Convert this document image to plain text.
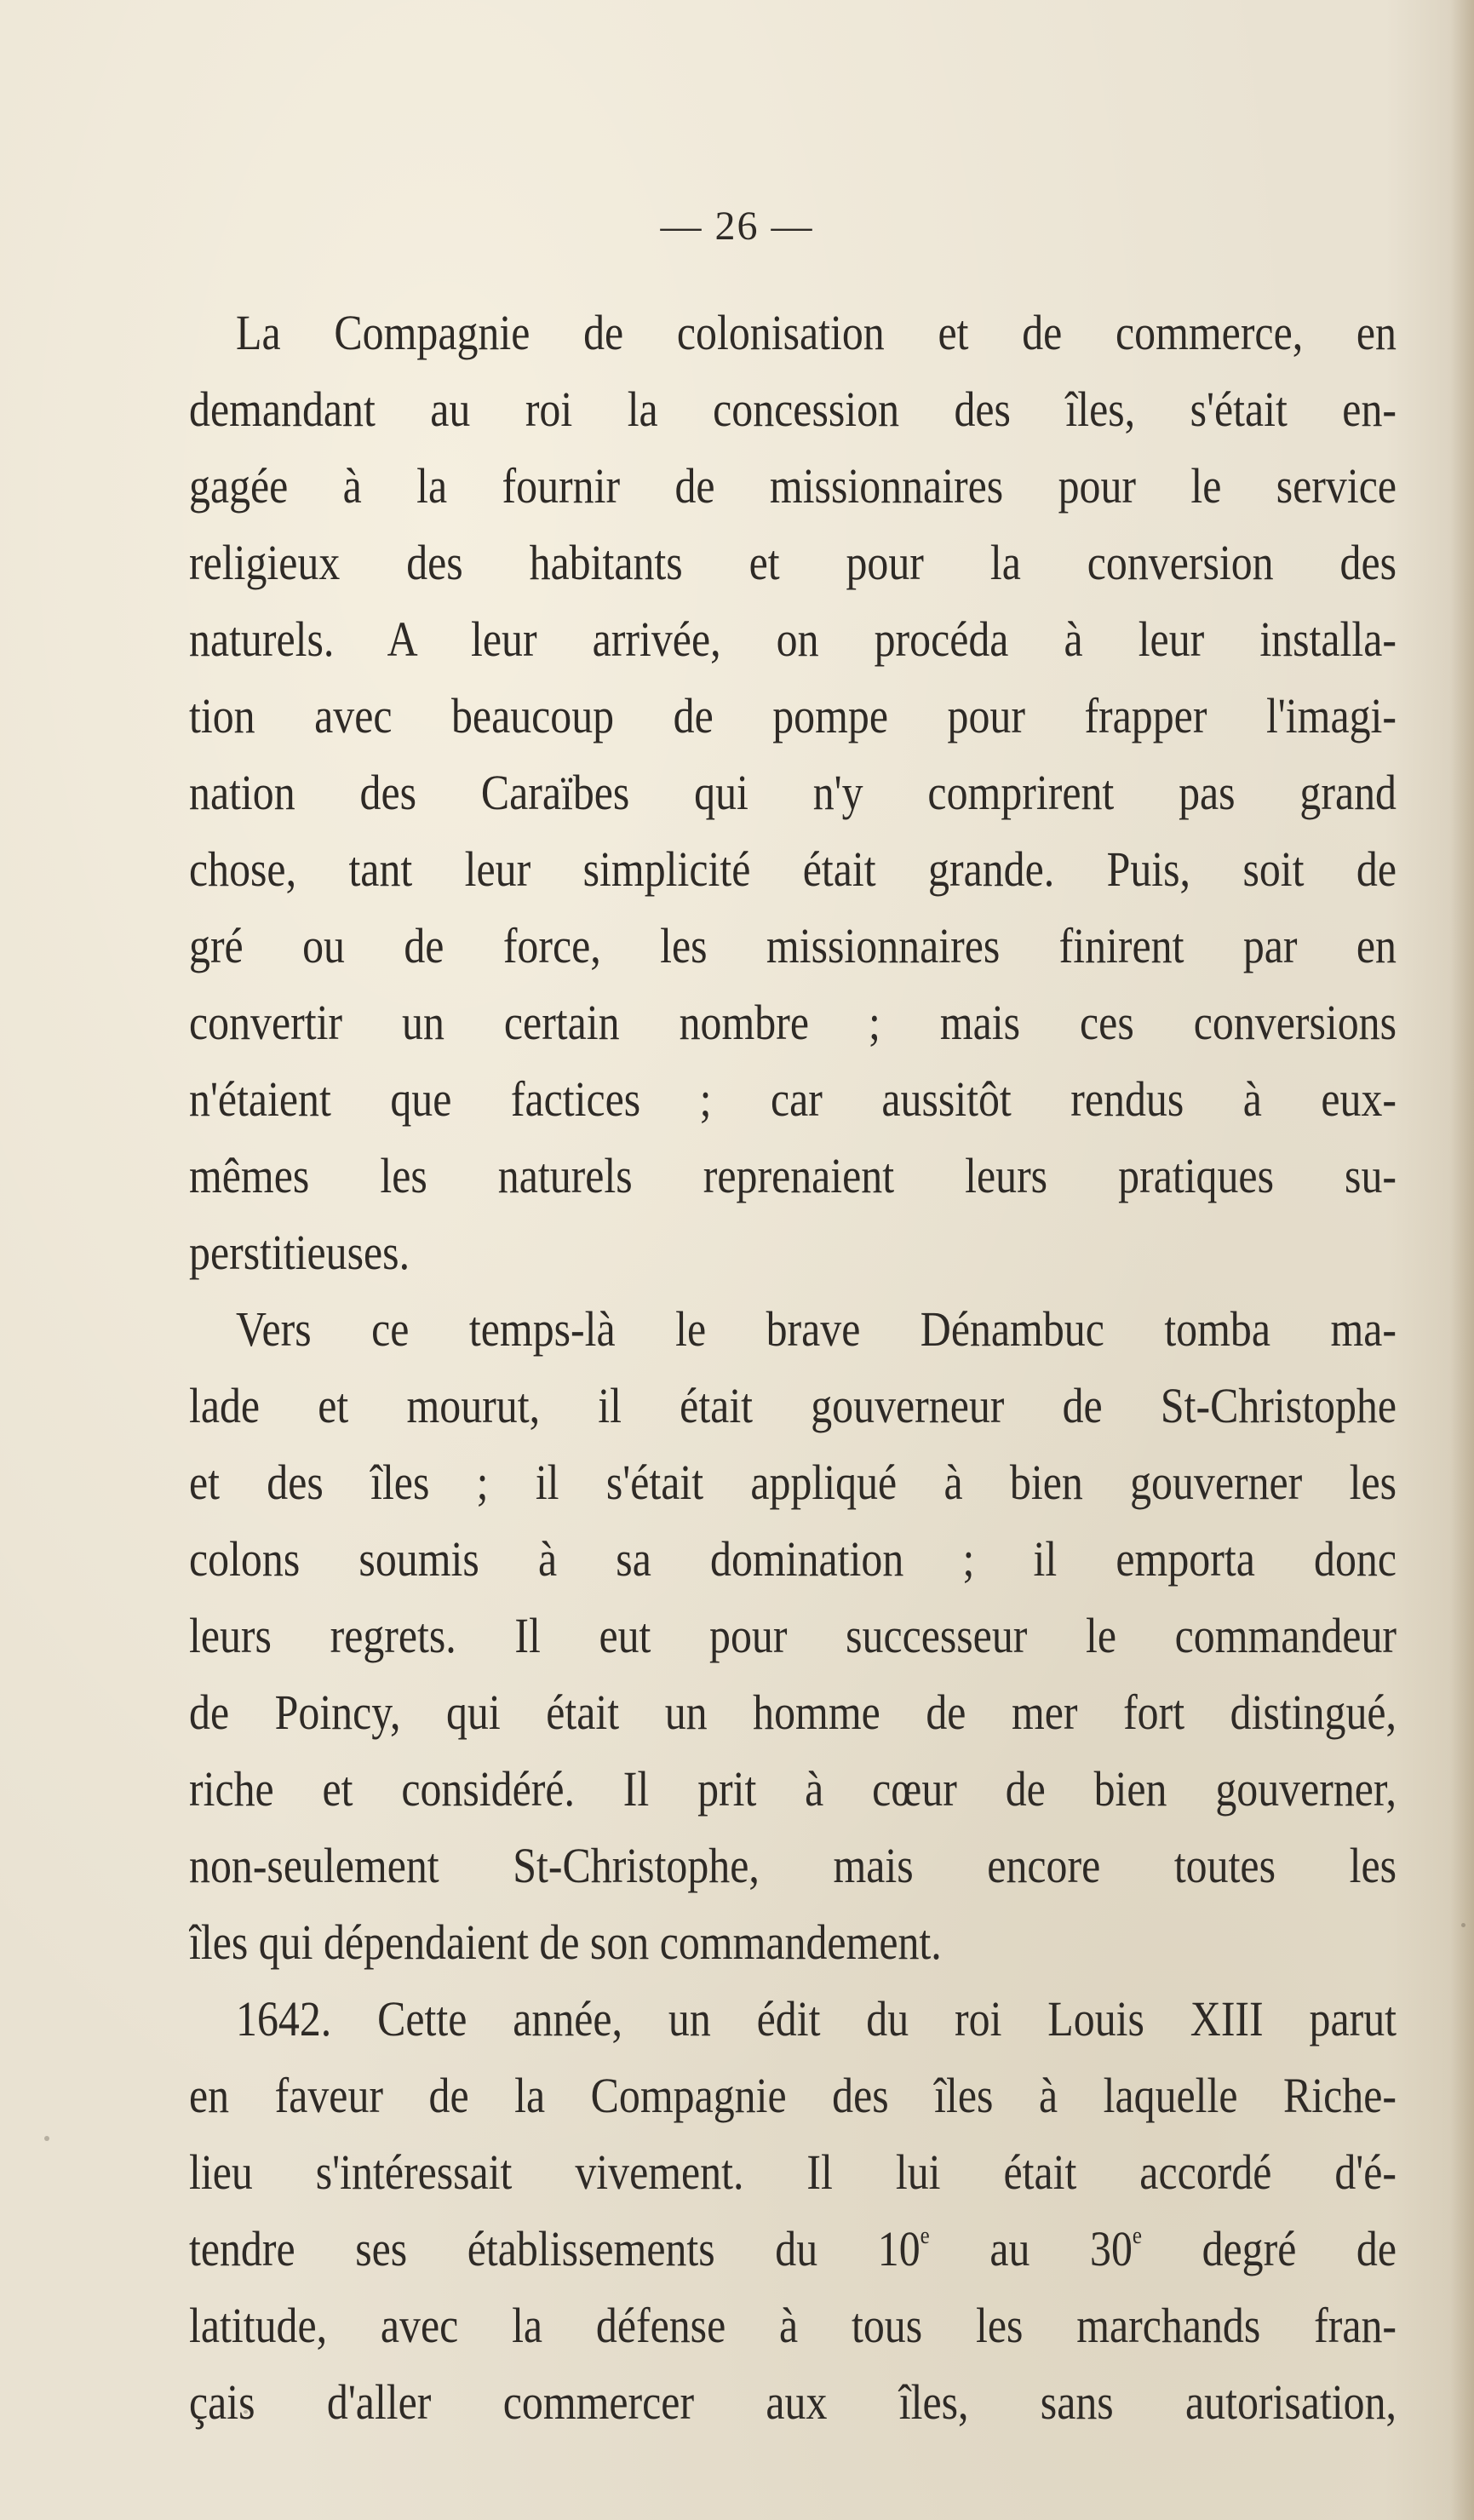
— 26 —
La Compagnie de colonisation et de commerce, en
demandant au roi la concession des îles, s'était en-
gagée à la fournir de missionnaires pour le service
religieux des habitants et pour la conversion des
naturels. A leur arrivée, on procéda à leur installa-
tion avec beaucoup de pompe pour frapper l'imagi-
nation des Caraïbes qui n'y comprirent pas grand
chose, tant leur simplicité était grande. Puis, soit de
gré ou de force, les missionnaires finirent par en
convertir un certain nombre ; mais ces conversions
n'étaient que factices ; car aussitôt rendus à eux-
mêmes les naturels reprenaient leurs pratiques su-
perstitieuses.
Vers ce temps-là le brave Dénambuc tomba ma-
lade et mourut, il était gouverneur de St-Christophe
et des îles ; il s'était appliqué à bien gouverner les
colons soumis à sa domination ; il emporta donc
leurs regrets. Il eut pour successeur le commandeur
de Poincy, qui était un homme de mer fort distingué,
riche et considéré. Il prit à cœur de bien gouverner,
non-seulement St-Christophe, mais encore toutes les
îles qui dépendaient de son commandement.
1642. Cette année, un édit du roi Louis XIII parut
en faveur de la Compagnie des îles à laquelle Riche-
lieu s'intéressait vivement. Il lui était accordé d'é-
tendre ses établissements du 10e au 30e degré de
latitude, avec la défense à tous les marchands fran-
çais d'aller commercer aux îles, sans autorisation,
